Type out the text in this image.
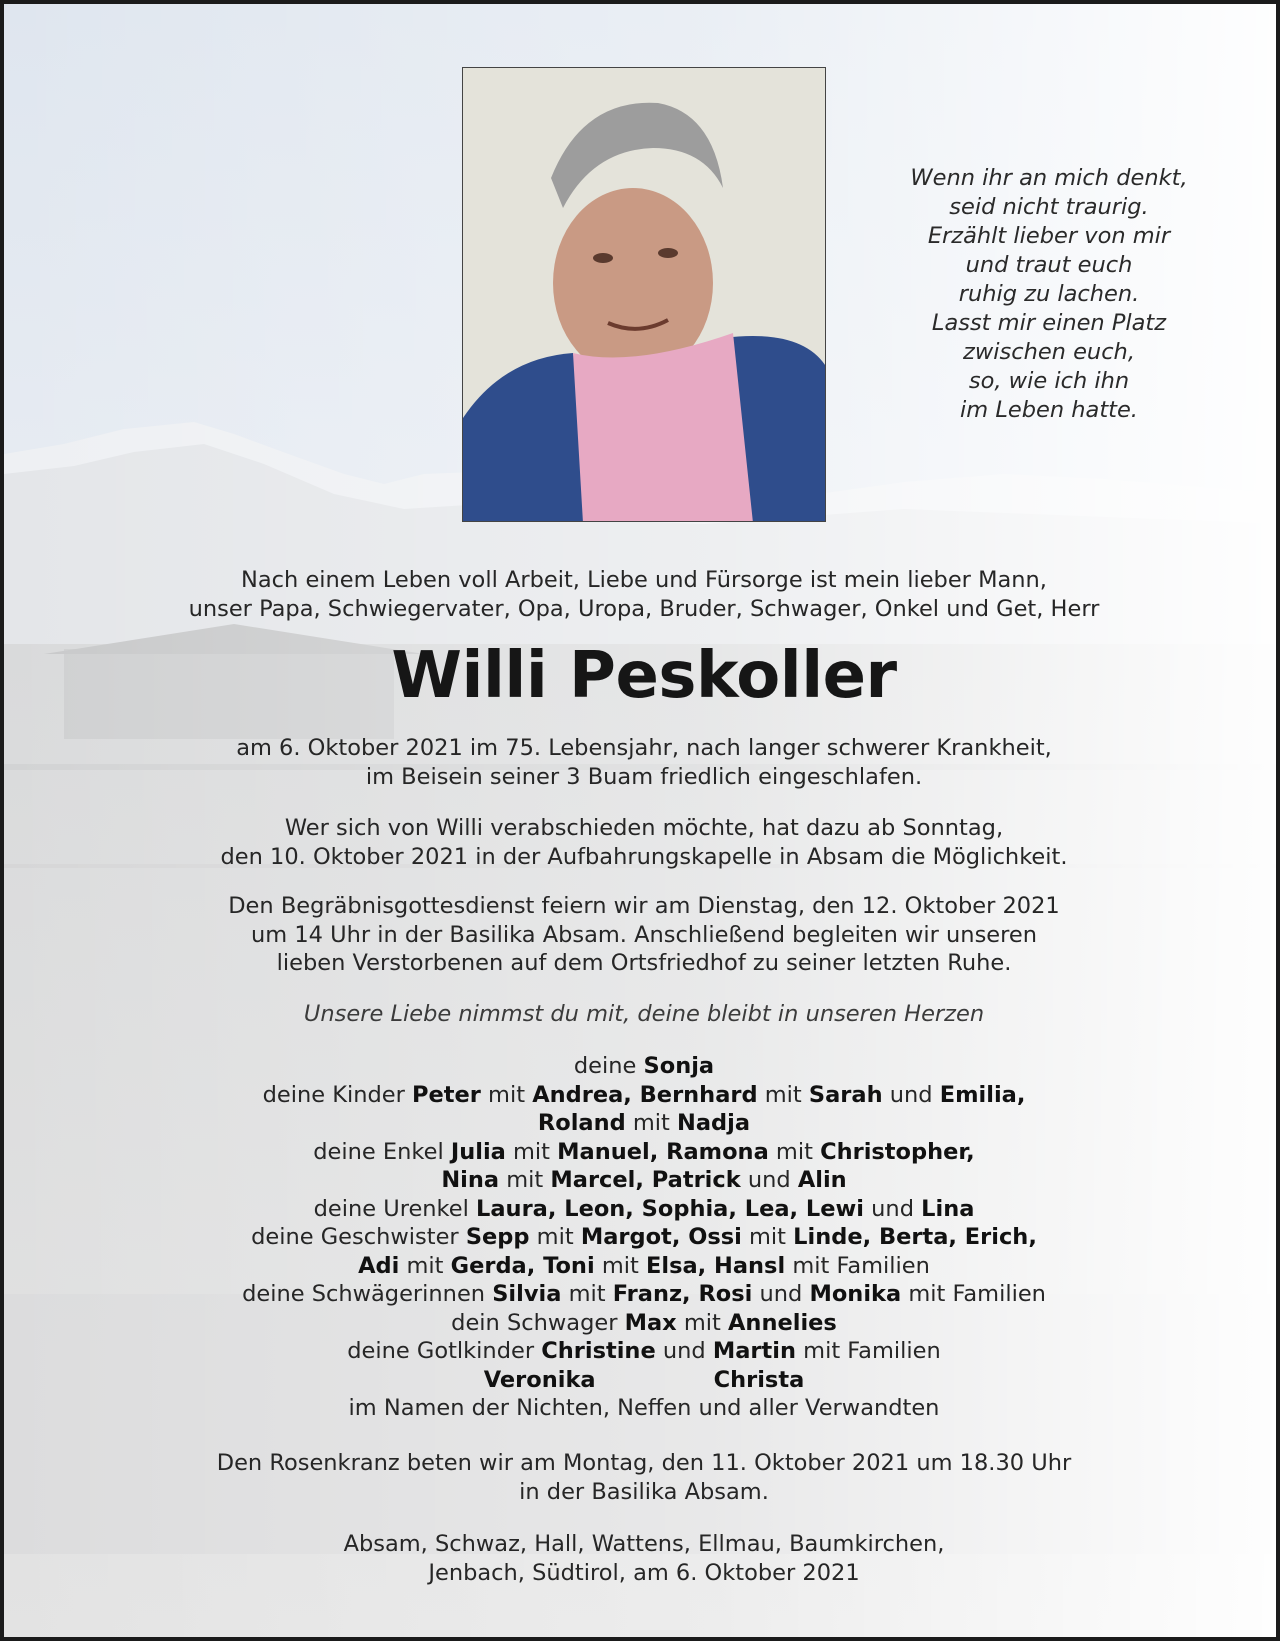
Wenn ihr an mich denkt,
seid nicht traurig.
Erzählt lieber von mir
und traut euch
ruhig zu lachen.
Lasst mir einen Platz
zwischen euch,
so, wie ich ihn
im Leben hatte.
Nach einem Leben voll Arbeit, Liebe und Fürsorge ist mein lieber Mann,
unser Papa, Schwiegervater, Opa, Uropa, Bruder, Schwager, Onkel und Get, Herr
Willi Peskoller
am 6. Oktober 2021 im 75. Lebensjahr, nach langer schwerer Krankheit,
im Beisein seiner 3 Buam friedlich eingeschlafen.
Wer sich von Willi verabschieden möchte, hat dazu ab Sonntag,
den 10. Oktober 2021 in der Aufbahrungskapelle in Absam die Möglichkeit.
Den Begräbnisgottesdienst feiern wir am Dienstag, den 12. Oktober 2021
um 14 Uhr in der Basilika Absam. Anschließend begleiten wir unseren
lieben Verstorbenen auf dem Ortsfriedhof zu seiner letzten Ruhe.
Unsere Liebe nimmst du mit, deine bleibt in unseren Herzen
deine Sonja
deine Kinder Peter mit Andrea, Bernhard mit Sarah und Emilia,
Roland mit Nadja
deine Enkel Julia mit Manuel, Ramona mit Christopher,
Nina mit Marcel, Patrick und Alin
deine Urenkel Laura, Leon, Sophia, Lea, Lewi und Lina
deine Geschwister Sepp mit Margot, Ossi mit Linde, Berta, Erich,
Adi mit Gerda, Toni mit Elsa, Hansl mit Familien
deine Schwägerinnen Silvia mit Franz, Rosi und Monika mit Familien
dein Schwager Max mit Annelies
deine Gotlkinder Christine und Martin mit Familien
Veronika	Christa
im Namen der Nichten, Neffen und aller Verwandten
Den Rosenkranz beten wir am Montag, den 11. Oktober 2021 um 18.30 Uhr
in der Basilika Absam.
Absam, Schwaz, Hall, Wattens, Ellmau, Baumkirchen,
Jenbach, Südtirol, am 6. Oktober 2021
